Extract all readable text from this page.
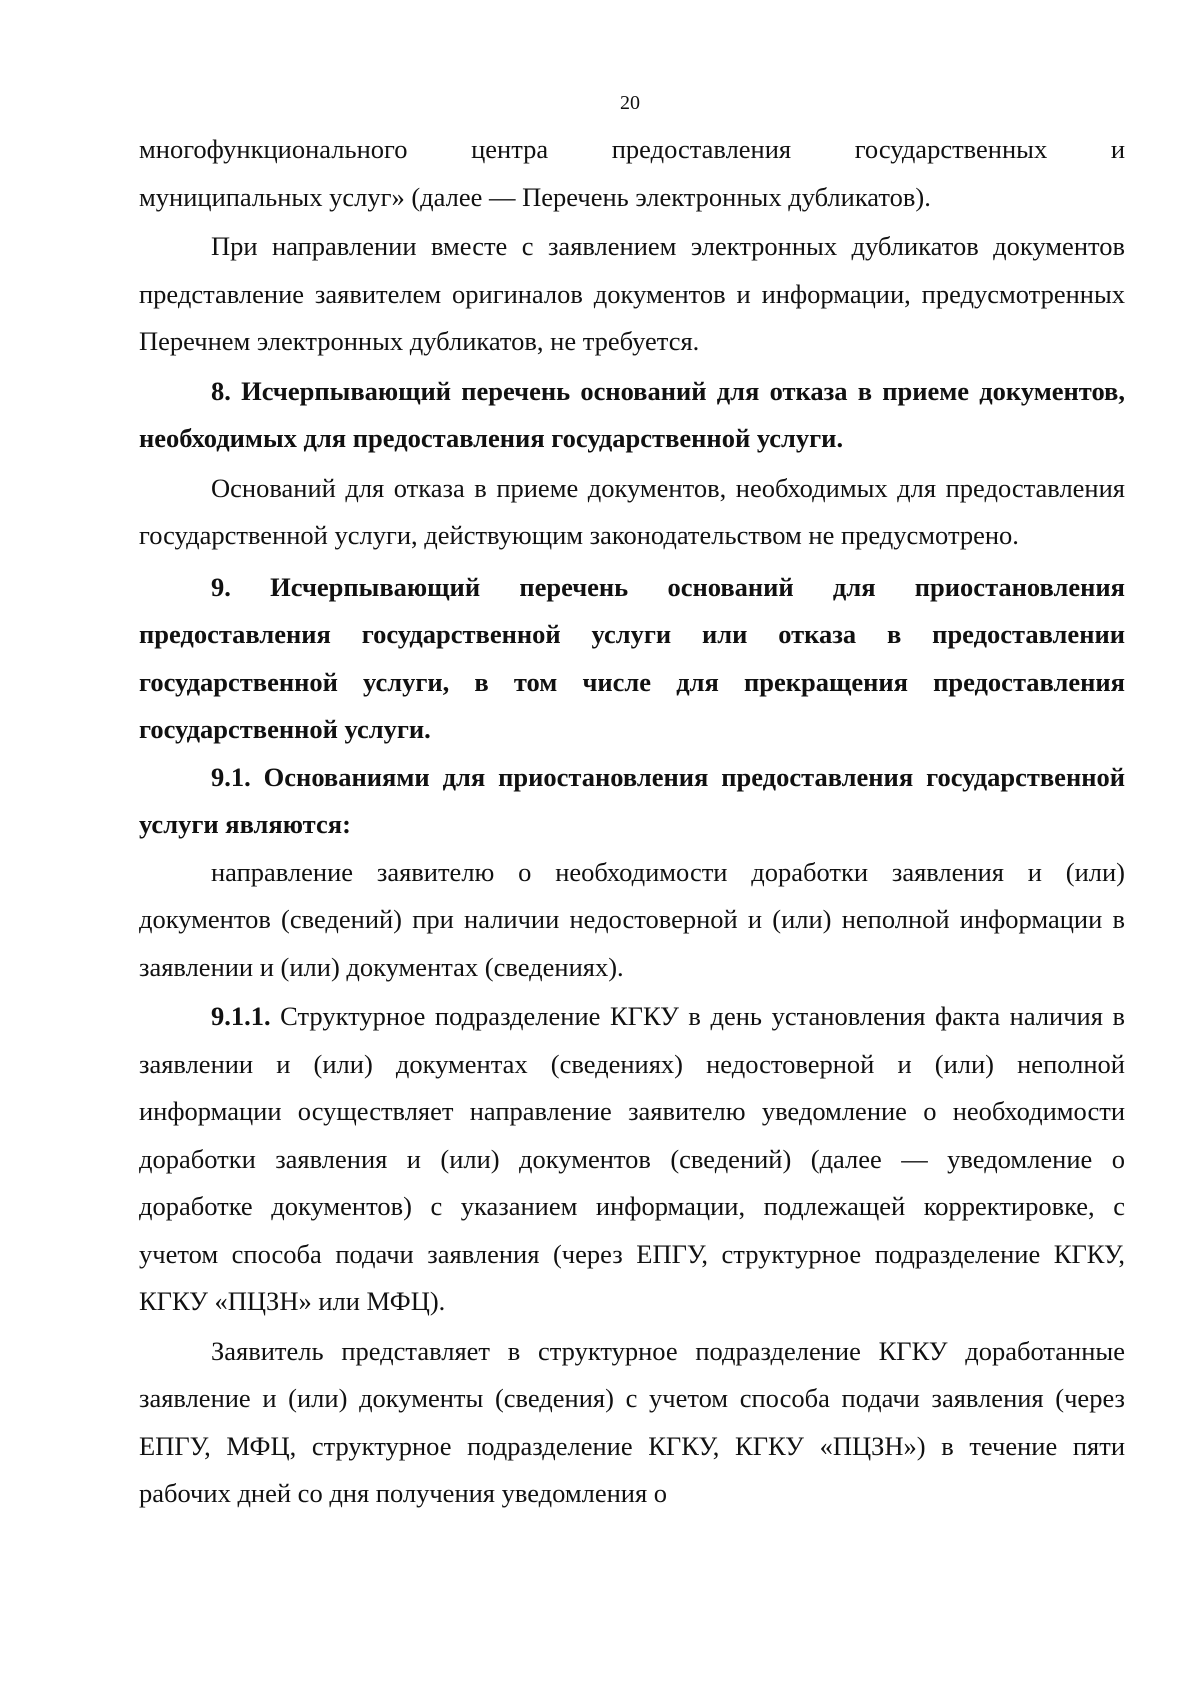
20

многофункционального центра предоставления государственных и

муниципальных услуг» (далее — Перечень электронных дубликатов).

При направлении вместе с заявлением электронных дубликатов документов представление заявителем оригиналов документов и информации, предусмотренных Перечнем электронных дубликатов, не требуется.

8. Исчерпывающий перечень оснований для отказа в приеме документов, необходимых для предоставления государственной услуги.

Оснований для отказа в приеме документов, необходимых для предоставления государственной услуги, действующим законодательством не предусмотрено.

9. Исчерпывающий перечень оснований для приостановления предоставления государственной услуги или отказа в предоставлении государственной услуги, в том числе для прекращения предоставления государственной услуги.

9.1. Основаниями для приостановления предоставления государственной услуги являются:

направление заявителю о необходимости доработки заявления и (или) документов (сведений) при наличии недостоверной и (или) неполной информации в заявлении и (или) документах (сведениях).

9.1.1. Структурное подразделение КГКУ в день установления факта наличия в заявлении и (или) документах (сведениях) недостоверной и (или) неполной информации осуществляет направление заявителю уведомление о необходимости доработки заявления и (или) документов (сведений) (далее — уведомление о доработке документов) с указанием информации, подлежащей корректировке, с учетом способа подачи заявления (через ЕПГУ, структурное подразделение КГКУ, КГКУ «ПЦЗН» или МФЦ).

Заявитель представляет в структурное подразделение КГКУ доработанные заявление и (или) документы (сведения) с учетом способа подачи заявления (через ЕПГУ, МФЦ, структурное подразделение КГКУ, КГКУ «ПЦЗН») в течение пяти рабочих дней со дня получения уведомления о
